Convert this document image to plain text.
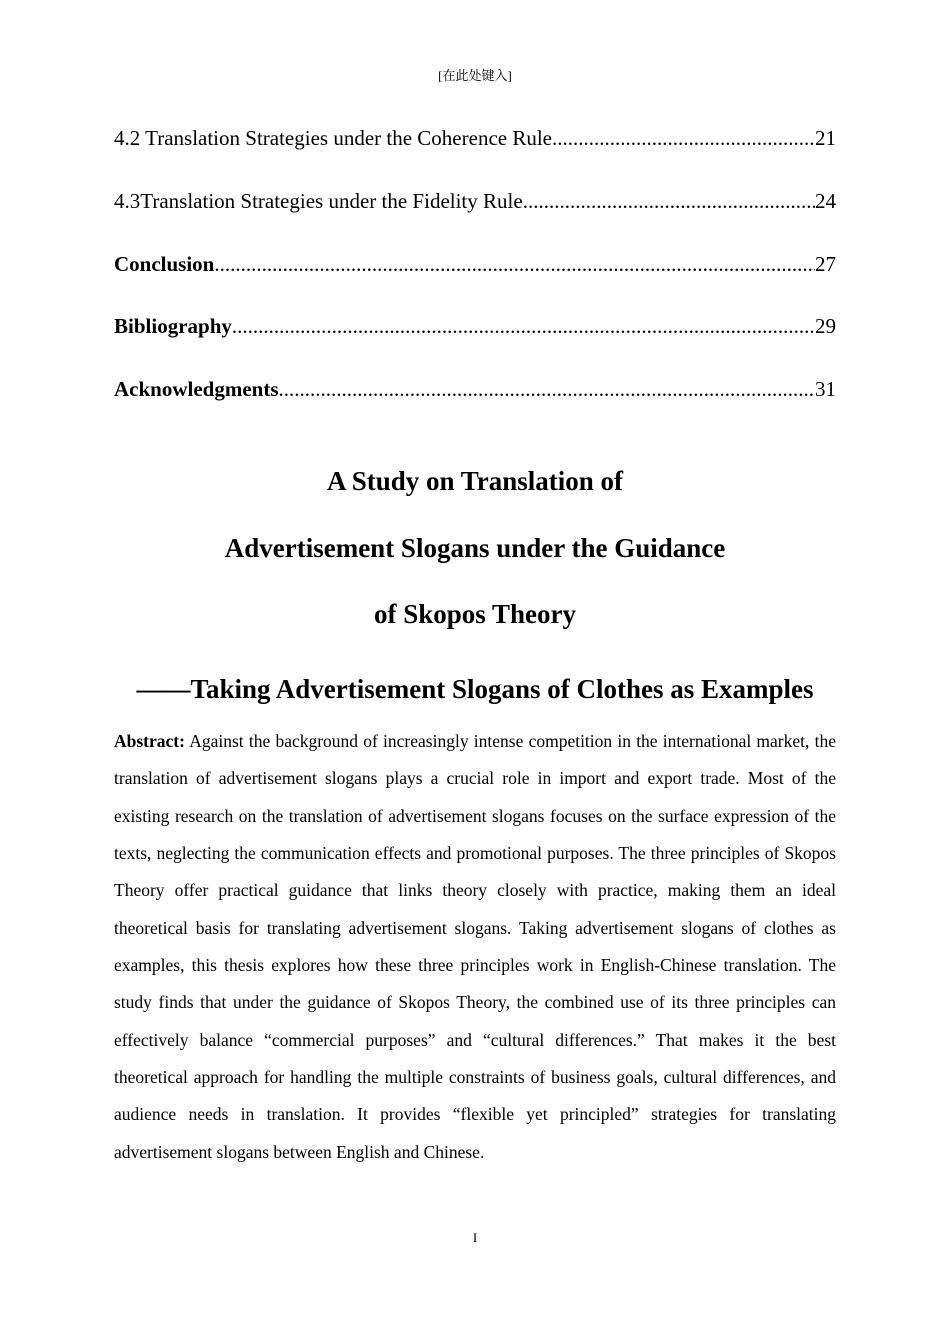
[在此处键入]
4.2 Translation Strategies under the Coherence Rule .....	21
4.3Translation Strategies under the Fidelity Rule .....	24
Conclusion .....	27
Bibliography .....	29
Acknowledgments .....	31
A Study on Translation of
Advertisement Slogans under the Guidance
of Skopos Theory
——Taking Advertisement Slogans of Clothes as Examples
Abstract: Against the background of increasingly intense competition in the international market, the translation of advertisement slogans plays a crucial role in import and export trade. Most of the existing research on the translation of advertisement slogans focuses on the surface expression of the texts, neglecting the communication effects and promotional purposes. The three principles of Skopos Theory offer practical guidance that links theory closely with practice, making them an ideal theoretical basis for translating advertisement slogans. Taking advertisement slogans of clothes as examples, this thesis explores how these three principles work in English-Chinese translation. The study finds that under the guidance of Skopos Theory, the combined use of its three principles can effectively balance “commercial purposes” and “cultural differences.” That makes it the best theoretical approach for handling the multiple constraints of business goals, cultural differences, and audience needs in translation. It provides “flexible yet principled” strategies for translating advertisement slogans between English and Chinese.
I
